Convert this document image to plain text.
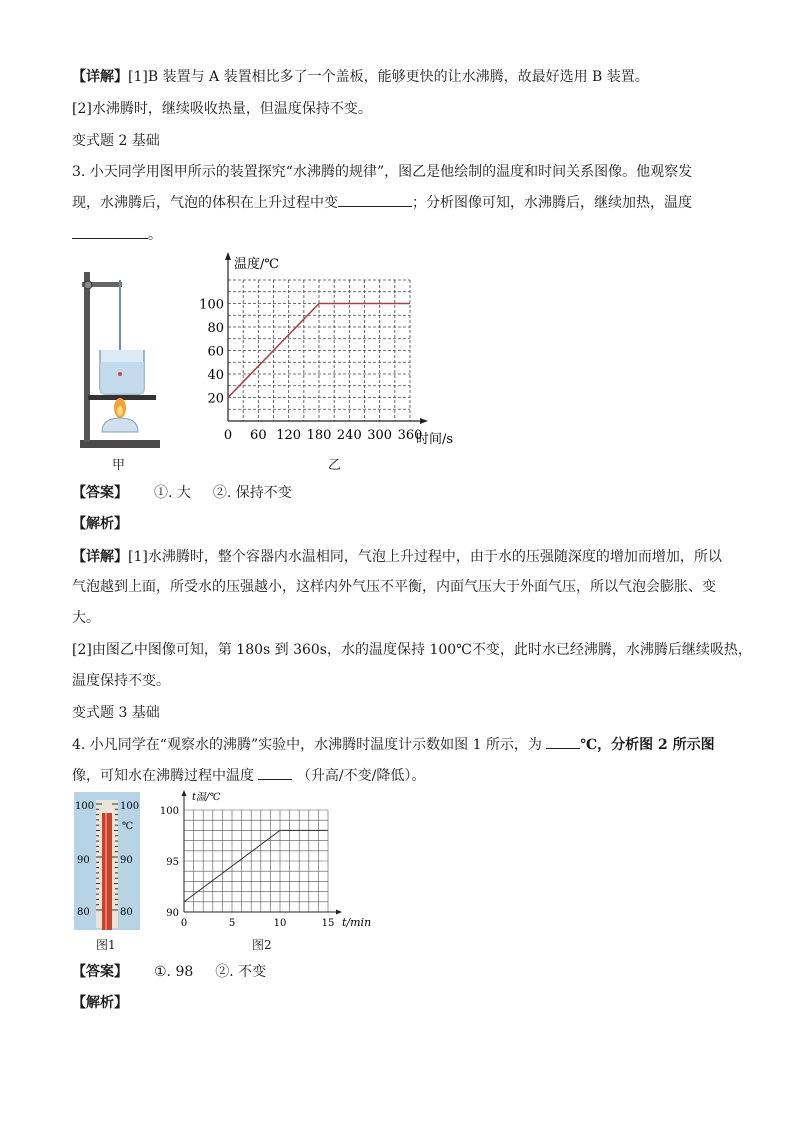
【详解】[1]B 装置与 A 装置相比多了一个盖板，能够更快的让水沸腾，故最好选用 B 装置。
[2]水沸腾时，继续吸收热量，但温度保持不变。
变式题 2 基础
3. 小天同学用图甲所示的装置探究“水沸腾的规律”，图乙是他绘制的温度和时间关系图像。他观察发
现，水沸腾后，气泡的体积在上升过程中变	；分析图像可知，水沸腾后，继续加热，温度
。
甲
0 60 120 180 240 300 360
20
40
60
80
100
温度/℃
时间/s
乙
【答案】 ①. 大 ②. 保持不变
【解析】
【详解】[1]水沸腾时，整个容器内水温相同，气泡上升过程中，由于水的压强随深度的增加而增加，所以
气泡越到上面，所受水的压强越小，这样内外气压不平衡，内面气压大于外面气压，所以气泡会膨胀、变
大。
[2]由图乙中图像可知，第 180s 到 360s，水的温度保持 100℃不变，此时水已经沸腾，水沸腾后继续吸热，
温度保持不变。
变式题 3 基础
4. 小凡同学在“观察水的沸腾”实验中，水沸腾时温度计示数如图 1 所示，为	℃，分析图 2 所示图
像，可知水在沸腾过程中温度	（升高/不变/降低）。
100	100
℃
90	90
80	80
图1
0	5	10	15
90
95
100
t温/℃
t/min
图2
【答案】 ①. 98 ②. 不变
【解析】
